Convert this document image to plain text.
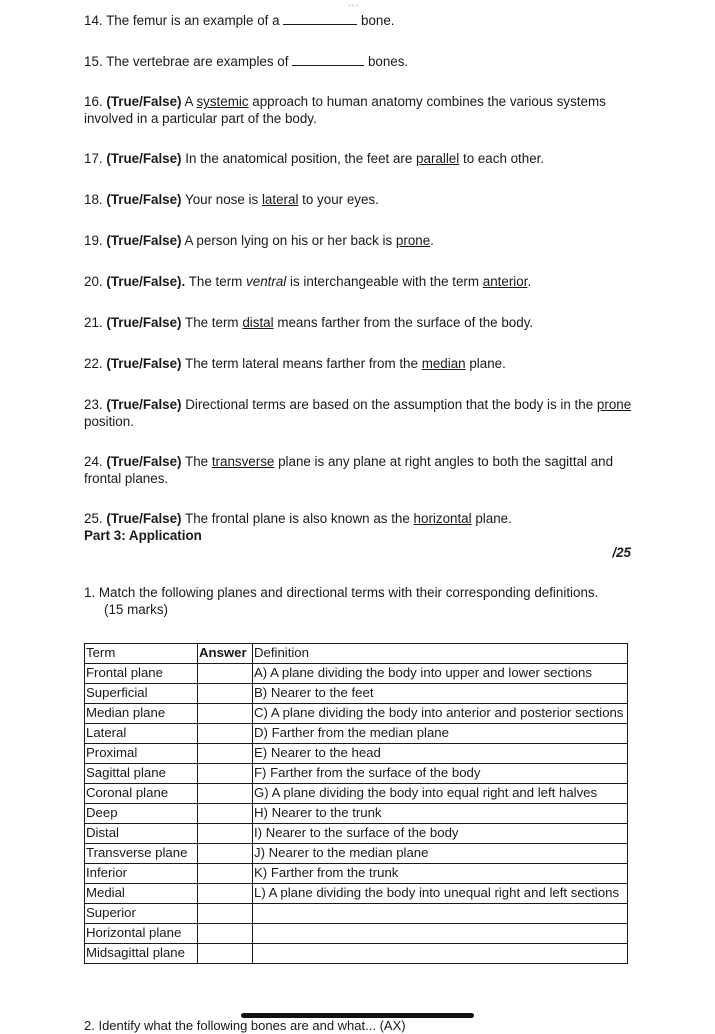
•••

14. The femur is an example of a	bone.

15. The vertebrae are examples of	bones.

16. (True/False) A systemic approach to human anatomy combines the various systems involved in a particular part of the body.

17. (True/False) In the anatomical position, the feet are parallel to each other.

18. (True/False) Your nose is lateral to your eyes.

19. (True/False) A person lying on his or her back is prone.

20. (True/False). The term ventral is interchangeable with the term anterior.

21. (True/False) The term distal means farther from the surface of the body.

22. (True/False) The term lateral means farther from the median plane.

23. (True/False) Directional terms are based on the assumption that the body is in the prone position.

24. (True/False) The transverse plane is any plane at right angles to both the sagittal and frontal planes.

25. (True/False) The frontal plane is also known as the horizontal plane.

Part 3: Application

/25

1. Match the following planes and directional terms with their corresponding definitions.
(15 marks)

Term	Answer	Definition
Frontal plane		A) A plane dividing the body into upper and lower sections
Superficial		B) Nearer to the feet
Median plane		C) A plane dividing the body into anterior and posterior sections
Lateral		D) Farther from the median plane
Proximal		E) Nearer to the head
Sagittal plane		F) Farther from the surface of the body
Coronal plane		G) A plane dividing the body into equal right and left halves
Deep		H) Nearer to the trunk
Distal		I) Nearer to the surface of the body
Transverse plane		J) Nearer to the median plane
Inferior		K) Farther from the trunk
Medial		L) A plane dividing the body into unequal right and left sections
Superior		
Horizontal plane		
Midsagittal plane		
2. Identify what the following bones are and what... (AX)
